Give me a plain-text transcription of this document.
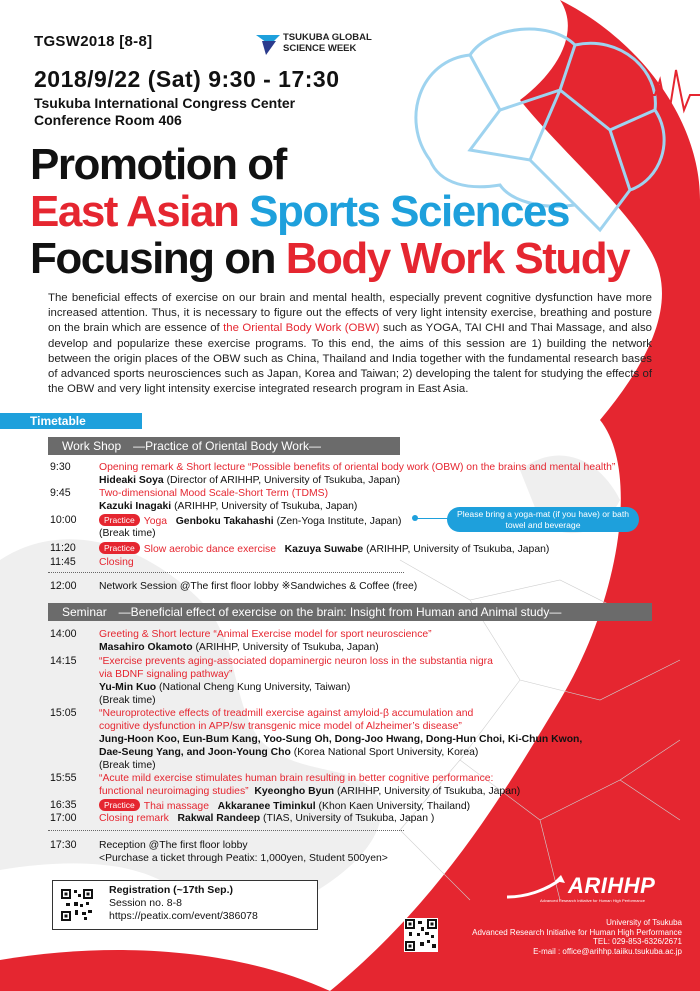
TGSW2018 [8-8]	TSUKUBA GLOBAL SCIENCE WEEK
2018/9/22 (Sat) 9:30 - 17:30
Tsukuba International Congress Center
Conference Room 406
Promotion of
East Asian Sports Sciences
Focusing on Body Work Study
The beneficial effects of exercise on our brain and mental health, especially prevent cognitive dysfunction have more increased attention. Thus, it is necessary to figure out the effects of very light intensity exercise, breathing and posture on the brain which are essence of the Oriental Body Work (OBW) such as YOGA, TAI CHI and Thai Massage, and also develop and popularize these exercise programs. To this end, the aims of this session are 1) building the network between the origin places of the OBW such as China, Thailand and India together with the fundamental research bases of advanced sports neurosciences such as Japan, Korea and Taiwan; 2) developing the talent for studying the effects of the OBW and very light intensity exercise integrated research program in East Asia.
Timetable
Work Shop　―Practice of Oriental Body Work―
9:30	Opening remark & Short lecture “Possible benefits of oriental body work (OBW) on the brains and mental health”
Hideaki Soya (Director of ARIHHP, University of Tsukuba, Japan)
9:45	Two-dimensional Mood Scale-Short Term (TDMS)
Kazuki Inagaki (ARIHHP, University of Tsukuba, Japan)
10:00	Practice Yoga Genboku Takahashi (Zen-Yoga Institute, Japan)
(Break time)
Please bring a yoga-mat (if you have) or bath towel and beverage
11:20	Practice Slow aerobic dance exercise Kazuya Suwabe (ARIHHP, University of Tsukuba, Japan)
11:45 Closing
12:00 Network Session @The first floor lobby ※Sandwiches & Coffee (free)
Seminar　―Beneficial effect of exercise on the brain: Insight from Human and Animal study―
14:00 Greeting & Short lecture “Animal Exercise model for sport neuroscience”
Masahiro Okamoto (ARIHHP, University of Tsukuba, Japan)
14:15 “Exercise prevents aging-associated dopaminergic neuron loss in the substantia nigra
via BDNF signaling pathway”
Yu-Min Kuo (National Cheng Kung University, Taiwan)
(Break time)
15:05 “Neuroprotective effects of treadmill exercise against amyloid-β accumulation and
cognitive dysfunction in APP/sw transgenic mice model of Alzheimer’s disease”
Jung-Hoon Koo, Eun-Bum Kang, Yoo-Sung Oh, Dong-Joo Hwang, Dong-Hun Choi, Ki-Chun Kwon,
Dae-Seung Yang, and Joon-Young Cho (Korea National Sport University, Korea)
(Break time)
15:55 “Acute mild exercise stimulates human brain resulting in better cognitive performance:
functional neuroimaging studies” Kyeongho Byun (ARIHHP, University of Tsukuba, Japan)
16:35	Practice Thai massage Akkaranee Timinkul (Khon Kaen University, Thailand)
17:00 Closing remark Rakwal Randeep (TIAS, University of Tsukuba, Japan )
17:30 Reception @The first floor lobby
<Purchase a ticket through Peatix: 1,000yen, Student 500yen>
Registration (~17th Sep.)
Session no. 8-8
https://peatix.com/event/386078
ARIHHP
Advanced Research Initiative for Human High Performance
University of Tsukuba
Advanced Research Initiative for Human High Performance
TEL: 029-853-6326/2671
E-mail : office@arihhp.taiiku.tsukuba.ac.jp
